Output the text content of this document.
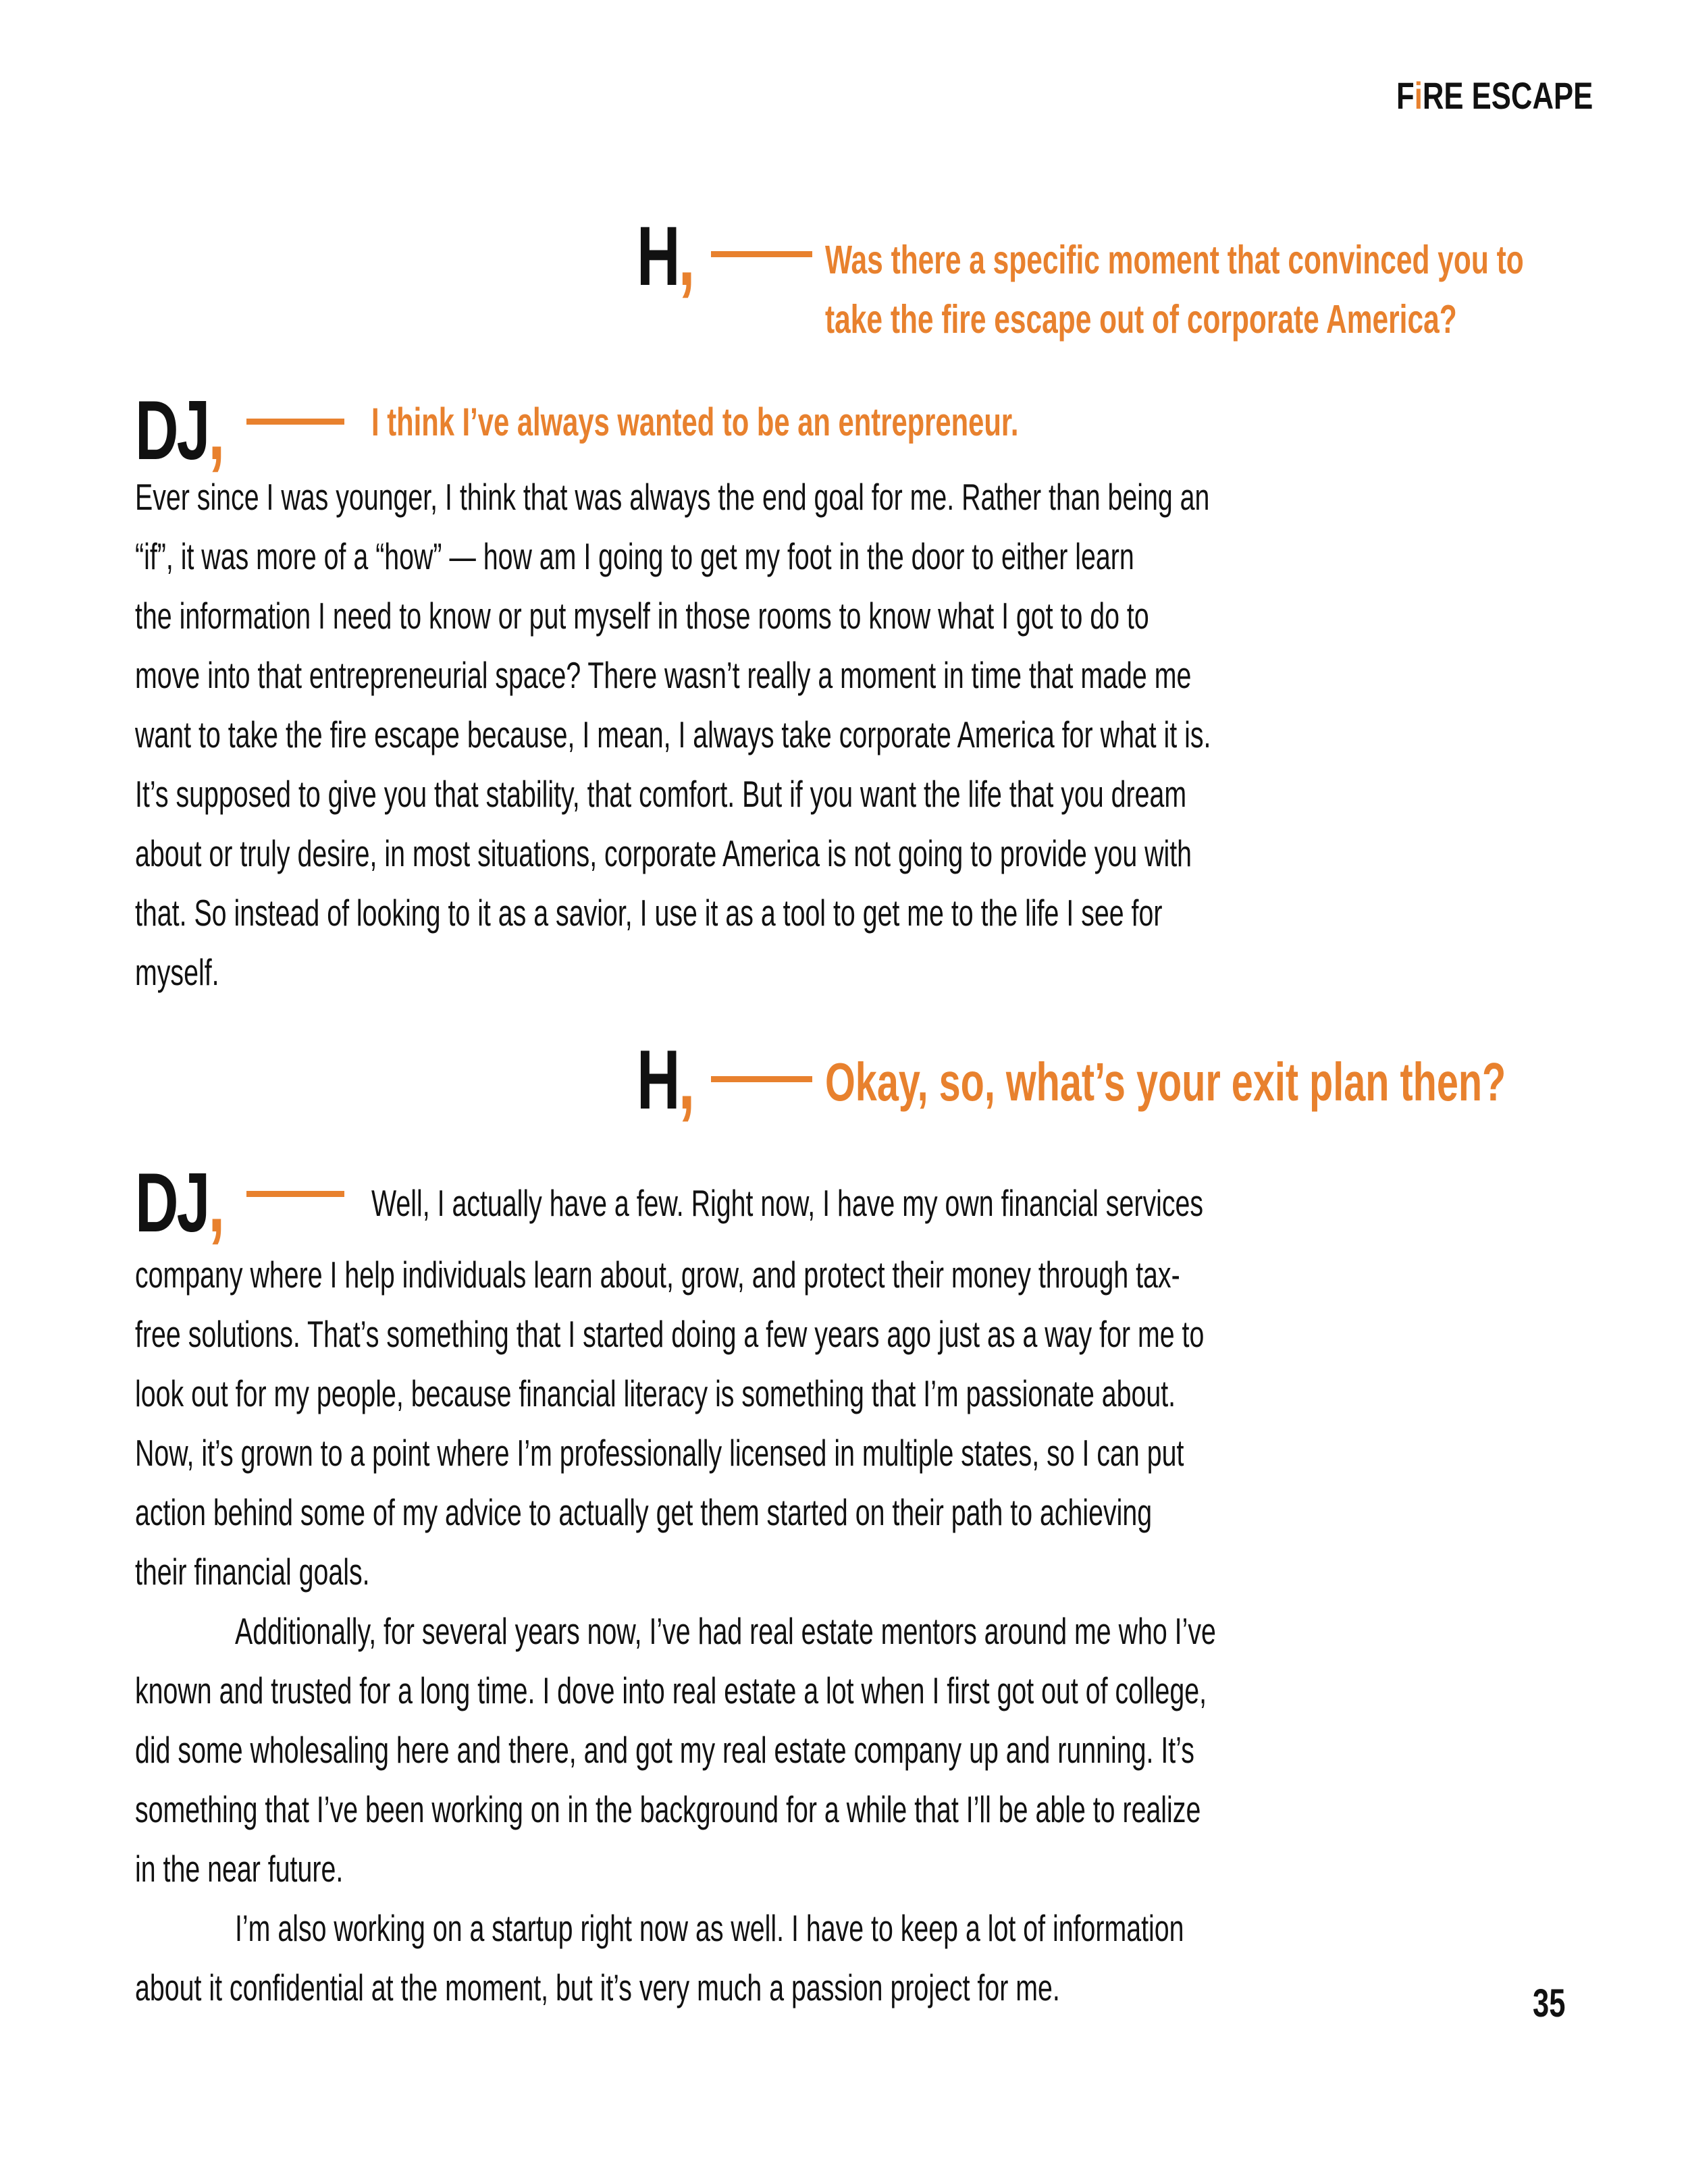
FiRE ESCAPE
H,	Was there a specific moment that convinced you to
take the fire escape out of corporate America?
DJ,	I think I’ve always wanted to be an entrepreneur.
Ever since I was younger, I think that was always the end goal for me. Rather than being an
“if”, it was more of a “how” — how am I going to get my foot in the door to either learn
the information I need to know or put myself in those rooms to know what I got to do to
move into that entrepreneurial space? There wasn’t really a moment in time that made me
want to take the fire escape because, I mean, I always take corporate America for what it is.
It’s supposed to give you that stability, that comfort. But if you want the life that you dream
about or truly desire, in most situations, corporate America is not going to provide you with
that. So instead of looking to it as a savior, I use it as a tool to get me to the life I see for
myself.
H, Okay, so, what’s your exit plan then?
DJ,	Well, I actually have a few. Right now, I have my own financial services
company where I help individuals learn about, grow, and protect their money through tax-
free solutions. That’s something that I started doing a few years ago just as a way for me to
look out for my people, because financial literacy is something that I’m passionate about.
Now, it’s grown to a point where I’m professionally licensed in multiple states, so I can put
action behind some of my advice to actually get them started on their path to achieving
their financial goals.
Additionally, for several years now, I’ve had real estate mentors around me who I’ve
known and trusted for a long time. I dove into real estate a lot when I first got out of college,
did some wholesaling here and there, and got my real estate company up and running. It’s
something that I’ve been working on in the background for a while that I’ll be able to realize
in the near future.
I’m also working on a startup right now as well. I have to keep a lot of information
about it confidential at the moment, but it’s very much a passion project for me.	35
